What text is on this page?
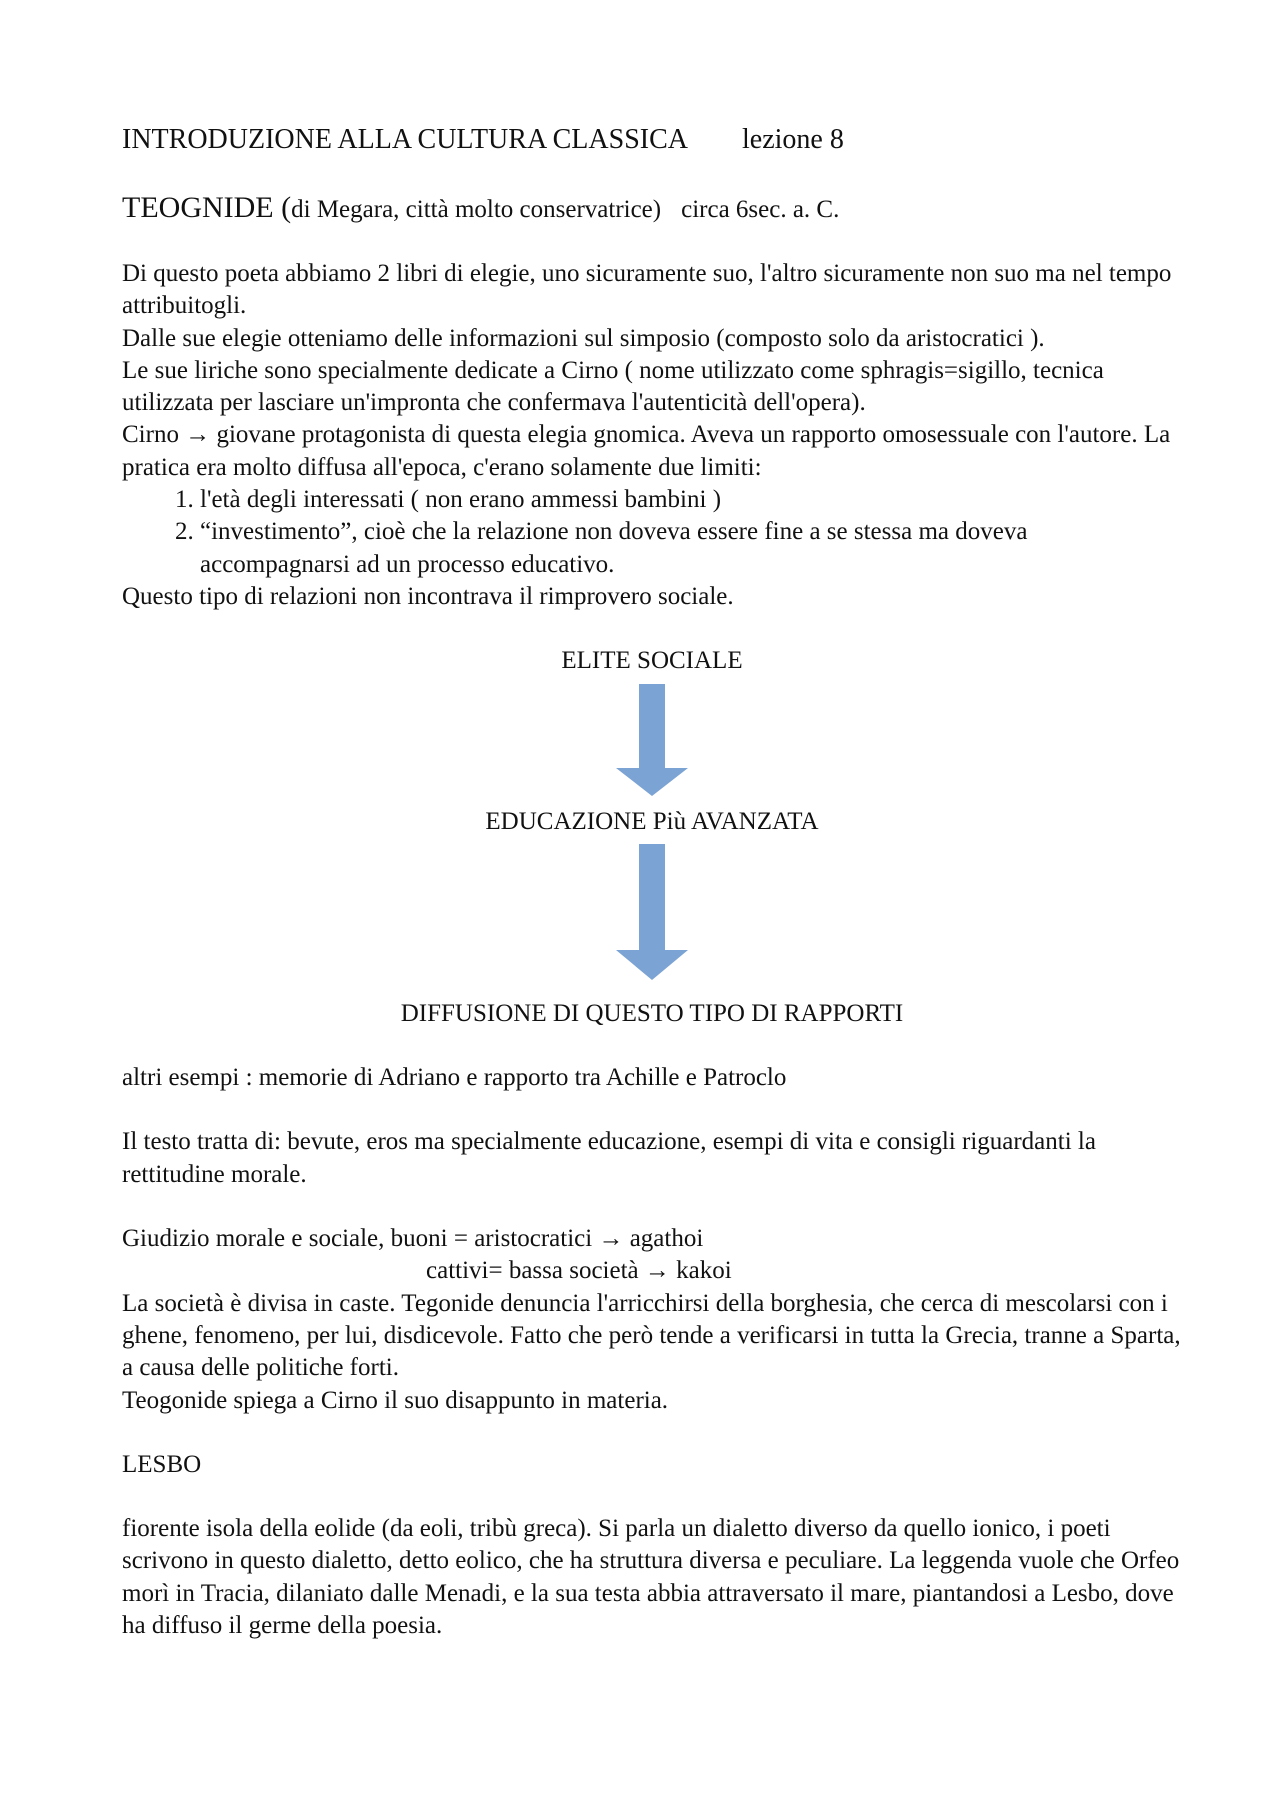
INTRODUZIONE ALLA CULTURA CLASSICA lezione 8
TEOGNIDE (di Megara, città molto conservatrice) circa 6sec. a. C.

Di questo poeta abbiamo 2 libri di elegie, uno sicuramente suo, l'altro sicuramente non suo ma nel tempo attribuitogli.

Dalle sue elegie otteniamo delle informazioni sul simposio (composto solo da aristocratici ).

Le sue liriche sono specialmente dedicate a Cirno ( nome utilizzato come sphragis=sigillo, tecnica utilizzata per lasciare un'impronta che confermava l'autenticità dell'opera).

Cirno → giovane protagonista di questa elegia gnomica. Aveva un rapporto omosessuale con l'autore. La pratica era molto diffusa all'epoca, c'erano solamente due limiti:

1. l'età degli interessati ( non erano ammessi bambini )
2. “investimento”, cioè che la relazione non doveva essere fine a se stessa ma doveva accompagnarsi ad un processo educativo.

Questo tipo di relazioni non incontrava il rimprovero sociale.

ELITE SOCIALE
EDUCAZIONE Più AVANZATA
DIFFUSIONE DI QUESTO TIPO DI RAPPORTI

altri esempi : memorie di Adriano e rapporto tra Achille e Patroclo

Il testo tratta di: bevute, eros ma specialmente educazione, esempi di vita e consigli riguardanti la rettitudine morale.

Giudizio morale e sociale, buoni = aristocratici → agathoi

cattivi= bassa società → kakoi

La società è divisa in caste. Tegonide denuncia l'arricchirsi della borghesia, che cerca di mescolarsi con i ghene, fenomeno, per lui, disdicevole. Fatto che però tende a verificarsi in tutta la Grecia, tranne a Sparta, a causa delle politiche forti.

Teogonide spiega a Cirno il suo disappunto in materia.

LESBO

fiorente isola della eolide (da eoli, tribù greca). Si parla un dialetto diverso da quello ionico, i poeti scrivono in questo dialetto, detto eolico, che ha struttura diversa e peculiare. La leggenda vuole che Orfeo morì in Tracia, dilaniato dalle Menadi, e la sua testa abbia attraversato il mare, piantandosi a Lesbo, dove ha diffuso il germe della poesia.
